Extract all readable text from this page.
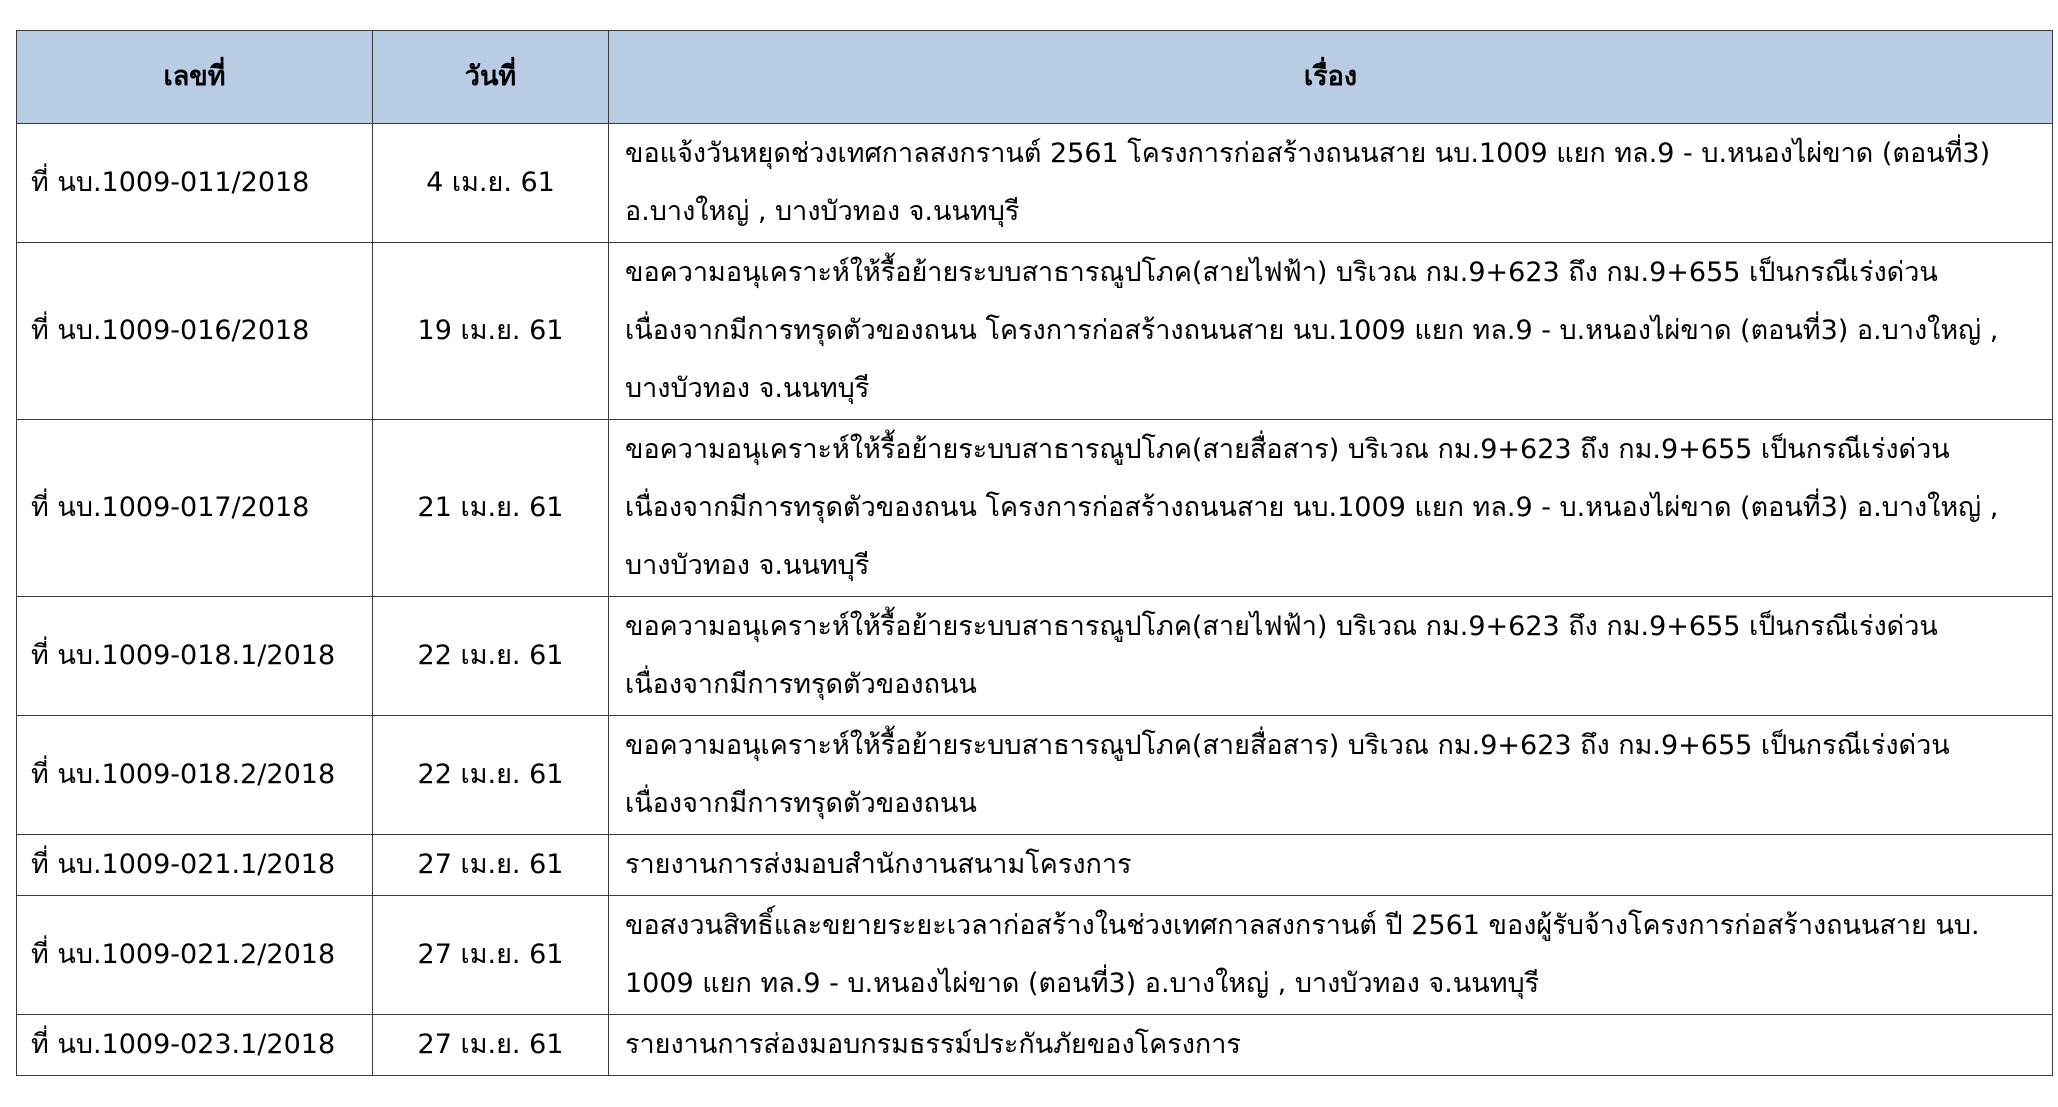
เลขที่	วันที่	เรื่อง
ที่ นบ.1009-011/2018	4 เม.ย. 61	ขอแจ้งวันหยุดช่วงเทศกาลสงกรานต์ 2561 โครงการก่อสร้างถนนสาย นบ.1009 แยก ทล.9 - บ.หนองไผ่ขาด (ตอนที่3) อ.บางใหญ่ , บางบัวทอง จ.นนทบุรี
ที่ นบ.1009-016/2018	19 เม.ย. 61	ขอความอนุเคราะห์ให้รื้อย้ายระบบสาธารณูปโภค(สายไฟฟ้า) บริเวณ กม.9+623 ถึง กม.9+655 เป็นกรณีเร่งด่วน เนื่องจากมีการทรุดตัวของถนน โครงการก่อสร้างถนนสาย นบ.1009 แยก ทล.9 - บ.หนองไผ่ขาด (ตอนที่3) อ.บางใหญ่ , บางบัวทอง จ.นนทบุรี
ที่ นบ.1009-017/2018	21 เม.ย. 61	ขอความอนุเคราะห์ให้รื้อย้ายระบบสาธารณูปโภค(สายสื่อสาร) บริเวณ กม.9+623 ถึง กม.9+655 เป็นกรณีเร่งด่วน เนื่องจากมีการทรุดตัวของถนน โครงการก่อสร้างถนนสาย นบ.1009 แยก ทล.9 - บ.หนองไผ่ขาด (ตอนที่3) อ.บางใหญ่ , บางบัวทอง จ.นนทบุรี
ที่ นบ.1009-018.1/2018	22 เม.ย. 61	ขอความอนุเคราะห์ให้รื้อย้ายระบบสาธารณูปโภค(สายไฟฟ้า) บริเวณ กม.9+623 ถึง กม.9+655 เป็นกรณีเร่งด่วน เนื่องจากมีการทรุดตัวของถนน
ที่ นบ.1009-018.2/2018	22 เม.ย. 61	ขอความอนุเคราะห์ให้รื้อย้ายระบบสาธารณูปโภค(สายสื่อสาร) บริเวณ กม.9+623 ถึง กม.9+655 เป็นกรณีเร่งด่วน เนื่องจากมีการทรุดตัวของถนน
ที่ นบ.1009-021.1/2018	27 เม.ย. 61	รายงานการส่งมอบสำนักงานสนามโครงการ
ที่ นบ.1009-021.2/2018	27 เม.ย. 61	ขอสงวนสิทธิ์และขยายระยะเวลาก่อสร้างในช่วงเทศกาลสงกรานต์ ปี 2561 ของผู้รับจ้างโครงการก่อสร้างถนนสาย นบ. 1009 แยก ทล.9 - บ.หนองไผ่ขาด (ตอนที่3) อ.บางใหญ่ , บางบัวทอง จ.นนทบุรี
ที่ นบ.1009-023.1/2018	27 เม.ย. 61	รายงานการส่องมอบกรมธรรม์ประกันภัยของโครงการ
